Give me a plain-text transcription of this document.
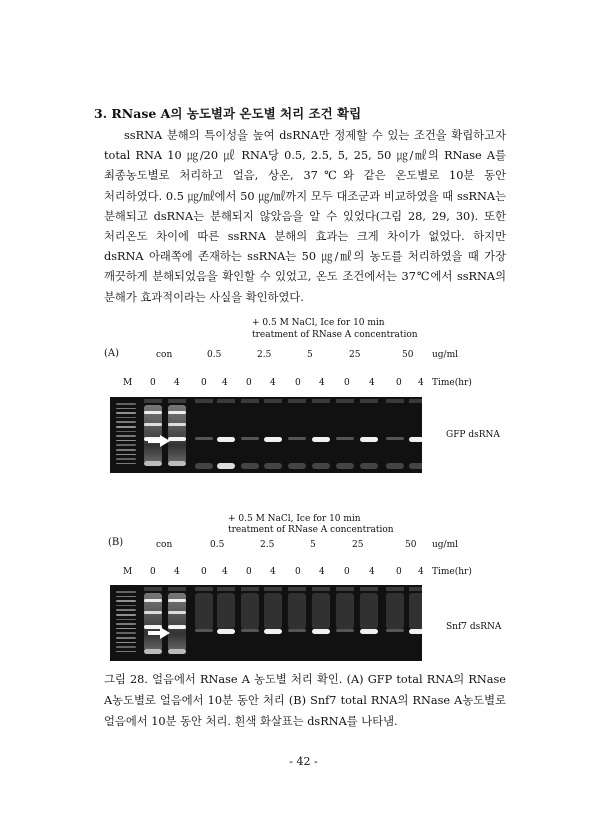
3. RNase A의 농도별과 온도별 처리 조건 확립
ssRNA 분해의 특이성을 높여 dsRNA만 정제할 수 있는 조건을 확립하고자
total RNA 10 ㎍/20 ㎕ RNA당 0.5, 2.5, 5, 25, 50 ㎍/㎖의 RNase A를
최종농도별로 처리하고 얼음, 상온, 37℃와 같은 온도별로 10분 동안
처리하였다. 0.5 ㎍/㎖에서 50 ㎍/㎖까지 모두 대조군과 비교하였을 때 ssRNA는
분해되고 dsRNA는 분해되지 않았음을 알 수 있었다(그림 28, 29, 30). 또한
처리온도 차이에 따른 ssRNA 분해의 효과는 크게 차이가 없었다. 하지만
dsRNA 아래쪽에 존재하는 ssRNA는 50 ㎍/㎖의 농도를 처리하였을 때 가장
깨끗하게 분해되었음을 확인할 수 있었고, 온도 조건에서는 37℃에서 ssRNA의
분해가 효과적이라는 사실을 확인하였다.
+ 0.5 M NaCl, Ice for 10 min
treatment of RNase A concentration
(A)	con	0.5	2.5	5	25	50 ug/ml
M 0 4 0 4 0 4 0 4 0 4 0 4 Time(hr)
GFP dsRNA
+ 0.5 M NaCl, Ice for 10 min
treatment of RNase A concentration
(B)	con	0.5	2.5	5	25	50 ug/ml
M 0 4 0 4 0 4 0 4 0 4 0 4 Time(hr)
Snf7 dsRNA
그림 28. 얼음에서 RNase A 농도별 처리 확인. (A) GFP total RNA의 RNase
A농도별로 얼음에서 10분 동안 처리 (B) Snf7 total RNA의 RNase A농도별로
얼음에서 10분 동안 처리. 흰색 화살표는 dsRNA를 나타냄.
- 42 -
